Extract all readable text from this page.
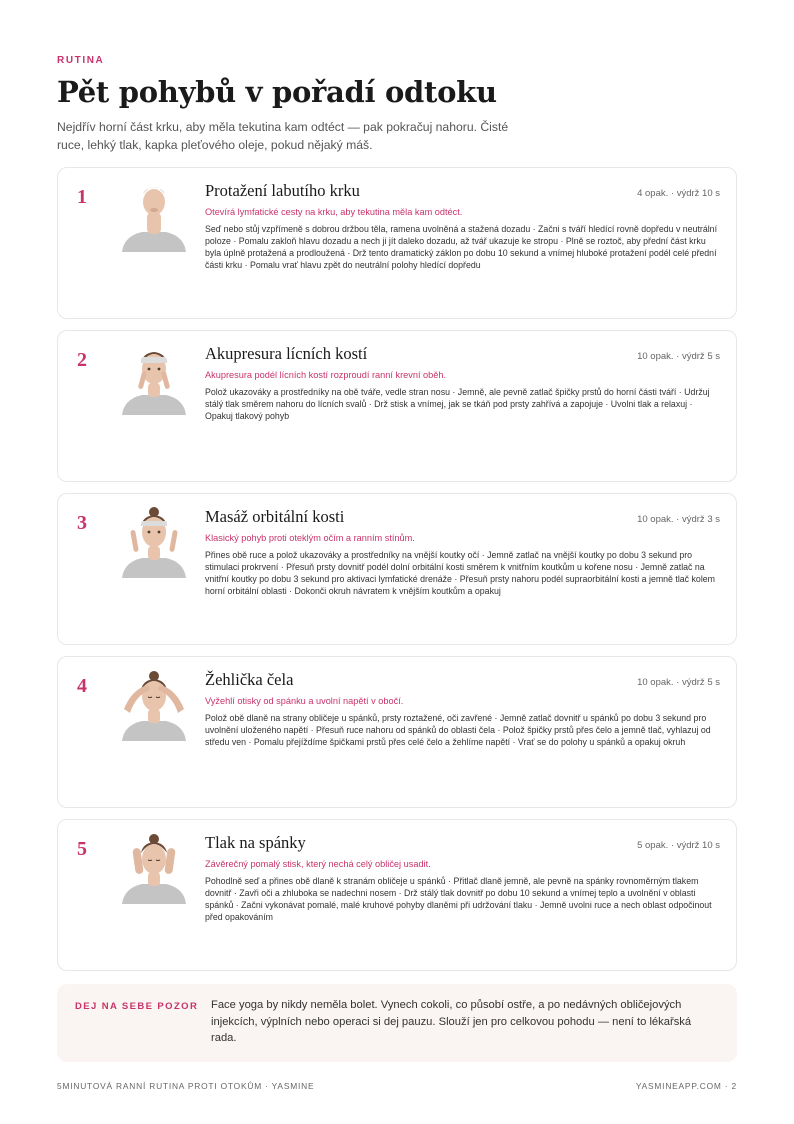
RUTINA
Pět pohybů v pořadí odtoku

Nejdřív horní část krku, aby měla tekutina kam odtéct — pak pokračuj nahoru. Čisté ruce, lehký tlak, kapka pleťového oleje, pokud nějaký máš.

1	Protažení labutího krku	4 opak. · výdrž 10 s
Otevírá lymfatické cesty na krku, aby tekutina měla kam odtéct.
Seď nebo stůj vzpřímeně s dobrou držbou těla, ramena uvolněná a stažená dozadu · Začni s tváří hledící rovně dopředu v neutrální poloze · Pomalu zakloň hlavu dozadu a nech ji jít daleko dozadu, až tvář ukazuje ke stropu · Plně se roztoč, aby přední část krku byla úplně protažená a prodloužená · Drž tento dramatický záklon po dobu 10 sekund a vnímej hluboké protažení podél celé přední části krku · Pomalu vrať hlavu zpět do neutrální polohy hledící dopředu
2	Akupresura lícních kostí	10 opak. · výdrž 5 s
Akupresura podél lícních kostí rozproudí ranní krevní oběh.
Polož ukazováky a prostředníky na obě tváře, vedle stran nosu · Jemně, ale pevně zatlač špičky prstů do horní části tváří · Udržuj stálý tlak směrem nahoru do lícních svalů · Drž stisk a vnímej, jak se tkáň pod prsty zahřívá a zapojuje · Uvolni tlak a relaxuj · Opakuj tlakový pohyb
3	Masáž orbitální kosti	10 opak. · výdrž 3 s
Klasický pohyb proti oteklým očím a ranním stínům.
Přines obě ruce a polož ukazováky a prostředníky na vnější koutky očí · Jemně zatlač na vnější koutky po dobu 3 sekund pro stimulaci prokrvení · Přesuň prsty dovnitř podél dolní orbitální kosti směrem k vnitřním koutkům u kořene nosu · Jemně zatlač na vnitřní koutky po dobu 3 sekund pro aktivaci lymfatické drenáže · Přesuň prsty nahoru podél supraorbitální kosti a jemně tlač kolem horní orbitální oblasti · Dokonči okruh návratem k vnějším koutkům a opakuj
4	Žehlička čela	10 opak. · výdrž 5 s
Vyžehlí otisky od spánku a uvolní napětí v obočí.
Polož obě dlaně na strany obličeje u spánků, prsty roztažené, oči zavřené · Jemně zatlač dovnitř u spánků po dobu 3 sekund pro uvolnění uloženého napětí · Přesuň ruce nahoru od spánků do oblasti čela · Polož špičky prstů přes čelo a jemně tlač, vyhlazuj od středu ven · Pomalu přejíždíme špičkami prstů přes celé čelo a žehlíme napětí · Vrať se do polohy u spánků a opakuj okruh
5	Tlak na spánky	5 opak. · výdrž 10 s
Závěrečný pomalý stisk, který nechá celý obličej usadit.
Pohodlně seď a přines obě dlaně k stranám obličeje u spánků · Přitlač dlaně jemně, ale pevně na spánky rovnoměrným tlakem dovnitř · Zavři oči a zhluboka se nadechni nosem · Drž stálý tlak dovnitř po dobu 10 sekund a vnímej teplo a uvolnění v oblasti spánků · Začni vykonávat pomalé, malé kruhové pohyby dlaněmi při udržování tlaku · Jemně uvolni ruce a nech oblast odpočinout před opakováním
DEJ NA SEBE POZOR Face yoga by nikdy neměla bolet. Vynech cokoli, co působí ostře, a po nedávných obličejových injekcích, výplních nebo operaci si dej pauzu. Slouží jen pro celkovou pohodu — není to lékařská rada.
5MINUTOVÁ RANNÍ RUTINA PROTI OTOKŮM · YASMINE	YASMINEAPP.COM · 2
